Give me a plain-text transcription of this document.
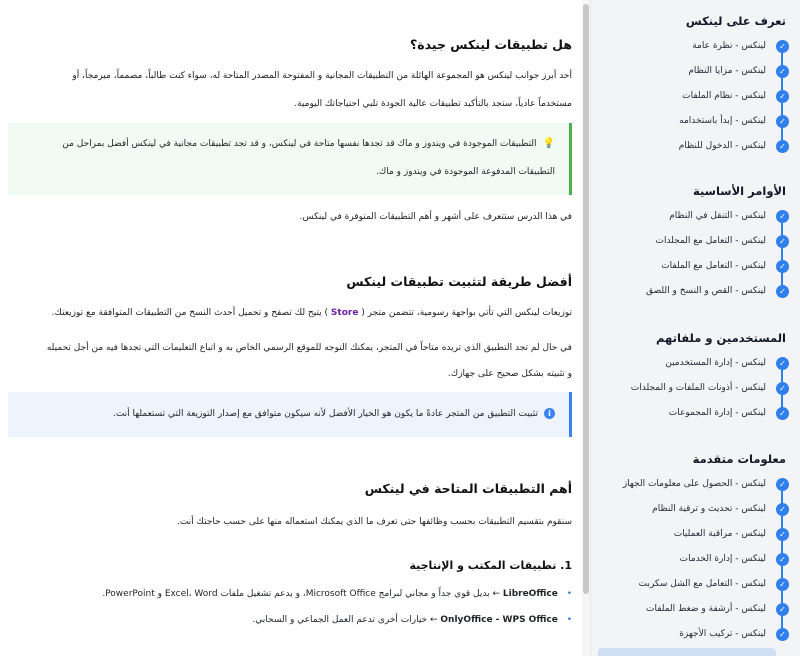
هل تطبيقات لينكس جيدة؟
أحد أبرز جوانب لينكس هو المجموعة الهائلة من التطبيقات المجانية و المفتوحة المصدر المتاحة له، سواء كنت طالباً، مصمماً، ميرمجاً، أو
مستخدماً عادياً، ستجد بالتأكيد تطبيقات عالية الجودة تلبي احتياجاتك اليومية.
💡التطبيقات الموجودة في ويندوز و ماك قد تجدها نفسها متاحة في لينكس، و قد تجد تطبيقات مجانية في لينكس أفضل بمراحل من
التطبيقات المدفوعة الموجودة في ويندوز و ماك.
في هذا الدرس ستتعرف على أشهر و أهم التطبيقات المتوفرة في لينكس.
أفضل طريقة لتثبيت تطبيقات لينكس
توزيعات لينكس التي تأتي بواجهة رسومية، تتضمن متجر ( Store ) يتيح لك تصفح و تحميل أحدث النسخ من التطبيقات المتوافقة مع توزيعتك.
في حال لم تجد التطبيق الذي تريده متاحاً في المتجر، يمكنك التوجه للموقع الرسمي الخاص به و اتباع التعليمات التي تجدها فيه من أجل تحميله
و تثبيته بشكل صحيح على جهازك.
iتثبيت التطبيق من المتجر عادةً ما يكون هو الخيار الأفضل لأنه سيكون متوافق مع إصدار التوزيعة التي تستعملها أنت.
أهم التطبيقات المتاحة في لينكس
سنقوم بتقسيم التطبيقات بحسب وظائفها حتى تعرف ما الذي يمكنك استعماله منها على حسب حاجتك أنت.
1. تطبيقات المكتب و الإنتاجية
• LibreOffice ← بديل قوي جداً و مجاني لبرامج Microsoft Office، و يدعم تشغيل ملفات Excel، Word و PowerPoint.
• OnlyOffice - WPS Office ← خيارات أخرى تدعم العمل الجماعي و السحابي.
تعرف على لينكس
✓
لينكس - نظرة عامة
✓
لينكس - مزايا النظام
✓
لينكس - نظام الملفات
✓
لينكس - إبدأ باستخدامه
✓
لينكس - الدخول للنظام
الأوامر الأساسية
✓
لينكس - التنقل في النظام
✓
لينكس - التعامل مع المجلدات
✓
لينكس - التعامل مع الملفات
✓
لينكس - القص و النسخ و اللصق
المستخدمين و ملفاتهم
✓
لينكس - إدارة المستخدمين
✓
لينكس - أذونات الملفات و المجلدات
✓
لينكس - إدارة المجموعات
معلومات متقدمة
✓
لينكس - الحصول على معلومات الجهاز
✓
لينكس - تحديث و ترقية النظام
✓
لينكس - مراقبة العمليات
✓
لينكس - إدارة الخدمات
✓
لينكس - التعامل مع الشل سكربت
✓
لينكس - أرشفة و ضغط الملفات
✓
لينكس - تركيب الأجهزة
